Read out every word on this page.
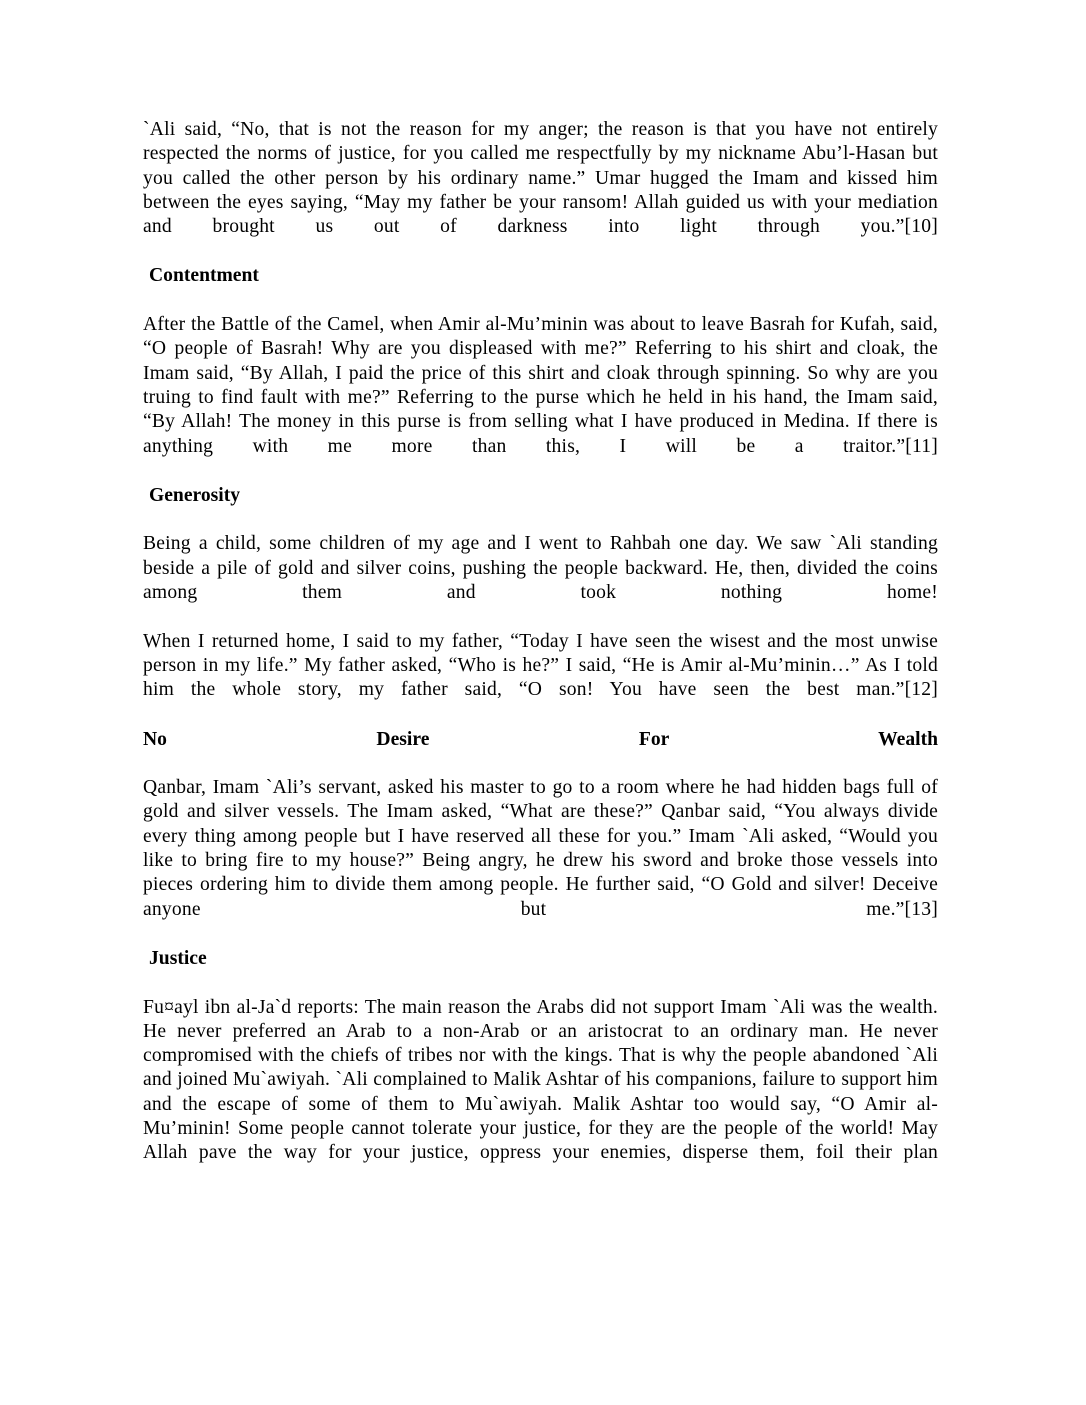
`Ali said, “No, that is not the reason for my anger; the reason is that you have not entirely respected the norms of justice, for you called me respectfully by my nickname Abu’l-Hasan but you called the other person by his ordinary name.” Umar hugged the Imam and kissed him between the eyes saying, “May my father be your ransom! Allah guided us with your mediation and brought us out of darkness into light through you.”[10]

Contentment

After the Battle of the Camel, when Amir al-Mu’minin was about to leave Basrah for Kufah, said, “O people of Basrah! Why are you displeased with me?” Referring to his shirt and cloak, the Imam said, “By Allah, I paid the price of this shirt and cloak through spinning. So why are you truing to find fault with me?” Referring to the purse which he held in his hand, the Imam said, “By Allah! The money in this purse is from selling what I have produced in Medina. If there is anything with me more than this, I will be a traitor.”[11]

Generosity

Being a child, some children of my age and I went to Rahbah one day. We saw `Ali standing beside a pile of gold and silver coins, pushing the people backward. He, then, divided the coins among them and took nothing home!

When I returned home, I said to my father, “Today I have seen the wisest and the most unwise person in my life.” My father asked, “Who is he?” I said, “He is Amir al-Mu’minin…” As I told him the whole story, my father said, “O son! You have seen the best man.”[12]

No Desire For Wealth

Qanbar, Imam `Ali’s servant, asked his master to go to a room where he had hidden bags full of gold and silver vessels. The Imam asked, “What are these?” Qanbar said, “You always divide every thing among people but I have reserved all these for you.” Imam `Ali asked, “Would you like to bring fire to my house?” Being angry, he drew his sword and broke those vessels into pieces ordering him to divide them among people. He further said, “O Gold and silver! Deceive anyone but me.”[13]

Justice

Fu¤ayl ibn al-Ja`d reports: The main reason the Arabs did not support Imam `Ali was the wealth. He never preferred an Arab to a non-Arab or an aristocrat to an ordinary man. He never compromised with the chiefs of tribes nor with the kings. That is why the people abandoned `Ali and joined Mu`awiyah. `Ali complained to Malik Ashtar of his companions, failure to support him and the escape of some of them to Mu`awiyah. Malik Ashtar too would say, “O Amir al-Mu’minin! Some people cannot tolerate your justice, for they are the people of the world! May Allah pave the way for your justice, oppress your enemies, disperse them, foil their plan
